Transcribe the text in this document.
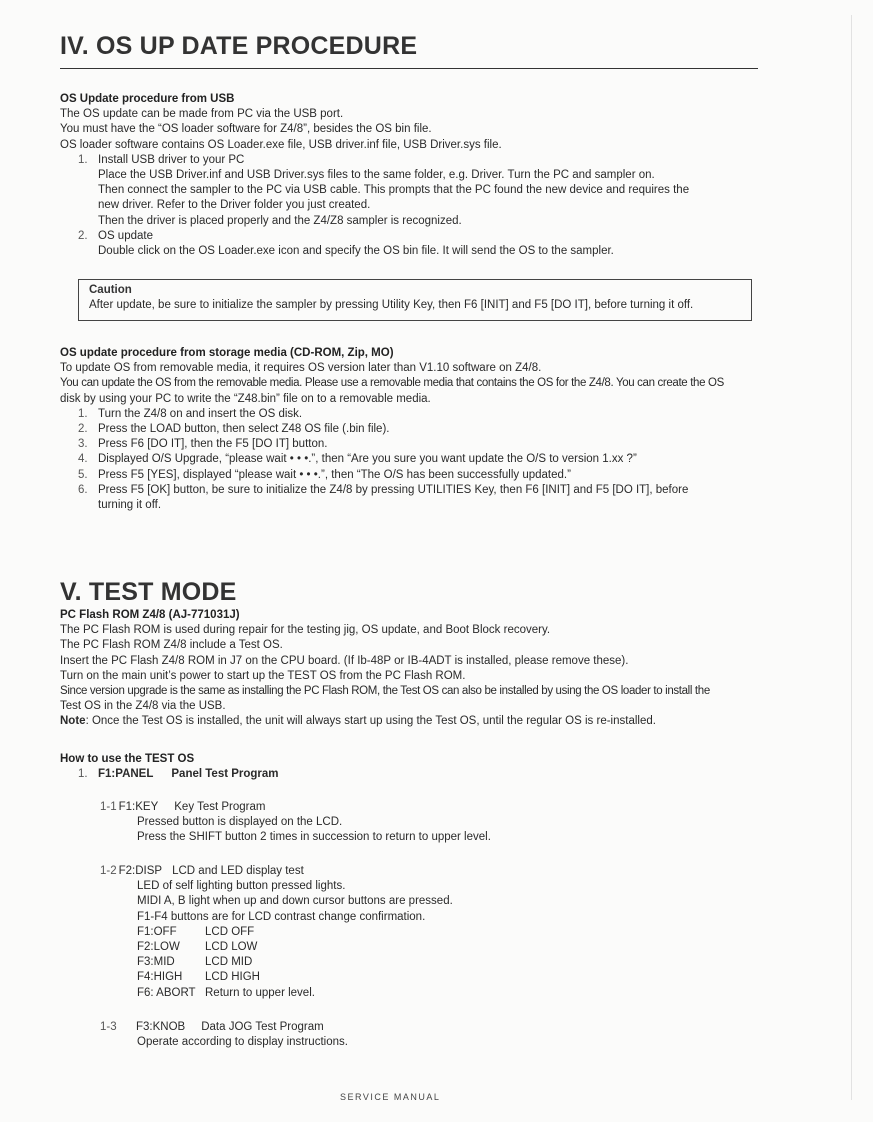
IV. OS UP DATE PROCEDURE
OS Update procedure from USB
The OS update can be made from PC via the USB port.
You must have the “OS loader software for Z4/8”, besides the OS bin file.
OS loader software contains OS Loader.exe file, USB driver.inf file, USB Driver.sys file.
1. Install USB driver to your PC
Place the USB Driver.inf and USB Driver.sys files to the same folder, e.g. Driver. Turn the PC and sampler on.
Then connect the sampler to the PC via USB cable. This prompts that the PC found the new device and requires the
new driver. Refer to the Driver folder you just created.
Then the driver is placed properly and the Z4/Z8 sampler is recognized.
2. OS update
Double click on the OS Loader.exe icon and specify the OS bin file. It will send the OS to the sampler.
Caution
After update, be sure to initialize the sampler by pressing Utility Key, then F6 [INIT] and F5 [DO IT], before turning it off.
OS update procedure from storage media (CD-ROM, Zip, MO)
To update OS from removable media, it requires OS version later than V1.10 software on Z4/8.
You can update the OS from the removable media. Please use a removable media that contains the OS for the Z4/8. You can create the OS
disk by using your PC to write the “Z48.bin” file on to a removable media.
1. Turn the Z4/8 on and insert the OS disk.
2. Press the LOAD button, then select Z48 OS file (.bin file).
3. Press F6 [DO IT], then the F5 [DO IT] button.
4. Displayed O/S Upgrade, “please wait • • •.”, then “Are you sure you want update the O/S to version 1.xx ?”
5. Press F5 [YES], displayed “please wait • • •.”, then “The O/S has been successfully updated.”
6. Press F5 [OK] button, be sure to initialize the Z4/8 by pressing UTILITIES Key, then F6 [INIT] and F5 [DO IT], before
turning it off.
V. TEST MODE
PC Flash ROM Z4/8 (AJ-771031J)
The PC Flash ROM is used during repair for the testing jig, OS update, and Boot Block recovery.
The PC Flash ROM Z4/8 include a Test OS.
Insert the PC Flash Z4/8 ROM in J7 on the CPU board. (If Ib-48P or IB-4ADT is installed, please remove these).
Turn on the main unit’s power to start up the TEST OS from the PC Flash ROM.
Since version upgrade is the same as installing the PC Flash ROM, the Test OS can also be installed by using the OS loader to install the
Test OS in the Z4/8 via the USB.
Note: Once the Test OS is installed, the unit will always start up using the Test OS, until the regular OS is re-installed.
How to use the TEST OS
1. F1:PANEL Panel Test Program
1-1 F1:KEY Key Test Program
Pressed button is displayed on the LCD.
Press the SHIFT button 2 times in succession to return to upper level.
1-2 F2:DISP LCD and LED display test
LED of self lighting button pressed lights.
MIDI A, B light when up and down cursor buttons are pressed.
F1-F4 buttons are for LCD contrast change confirmation.
F1:OFF	LCD OFF
F2:LOW	LCD LOW
F3:MID	LCD MID
F4:HIGH	LCD HIGH
F6: ABORT Return to upper level.
1-3 F3:KNOB Data JOG Test Program
Operate according to display instructions.
SERVICE MANUAL
